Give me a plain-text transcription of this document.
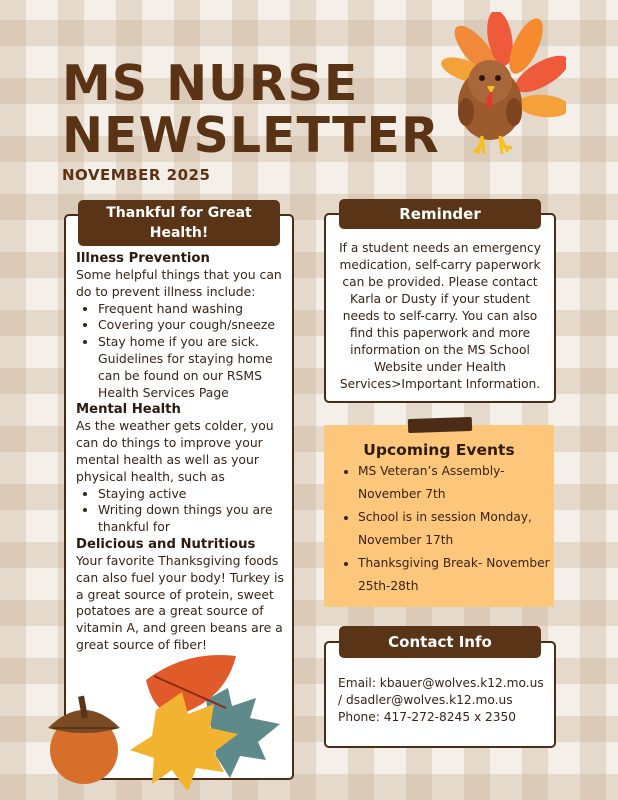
MS NURSE
NEWSLETTER
NOVEMBER 2025
Thankful for Great Health!
Illness Prevention

Some helpful things that you can do to prevent illness include:

• Frequent hand washing
• Covering your cough/sneeze
• Stay home if you are sick. Guidelines for staying home can be found on our RSMS Health Services Page
Mental Health

As the weather gets colder, you can do things to improve your mental health as well as your physical health, such as

• Staying active
• Writing down things you are thankful for
Delicious and Nutritious

Your favorite Thanksgiving foods can also fuel your body! Turkey is a great source of protein, sweet potatoes are a great source of vitamin A, and green beans are a great source of fiber!

Reminder
If a student needs an emergency medication, self-carry paperwork can be provided. Please contact Karla or Dusty if your student needs to self-carry. You can also find this paperwork and more information on the MS School Website under Health Services>Important Information.
Upcoming Events
• MS Veteran’s Assembly- November 7th
• School is in session Monday, November 17th
• Thanksgiving Break- November 25th-28th
Contact Info
Email: kbauer@wolves.k12.mo.us / dsadler@wolves.k12.mo.us
Phone: 417-272-8245 x 2350
